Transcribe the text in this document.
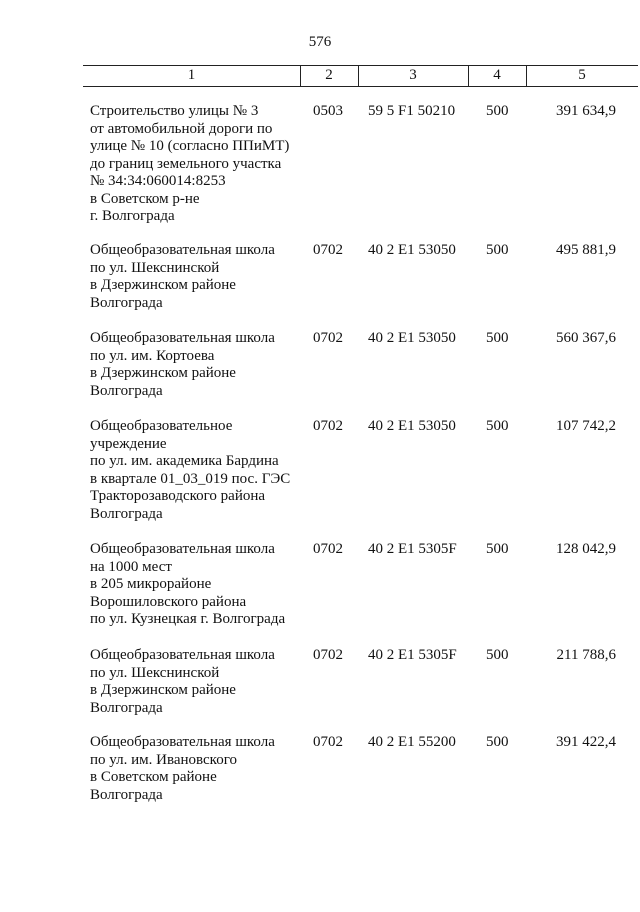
576
1	2	3	4	5
Строительство улицы № 3
от автомобильной дороги по
улице № 10 (согласно ППиМТ)
до границ земельного участка
№ 34:34:060014:8253
в Советском р-не
г. Волгограда
0503	59 5 F1 50210	500	391 634,9
Общеобразовательная школа
по ул. Шекснинской
в Дзержинском районе
Волгограда
0702	40 2 E1 53050	500	495 881,9
Общеобразовательная школа
по ул. им. Кортоева
в Дзержинском районе
Волгограда
0702	40 2 E1 53050	500	560 367,6
Общеобразовательное
учреждение
по ул. им. академика Бардина
в квартале 01_03_019 пос. ГЭС
Тракторозаводского района
Волгограда
0702	40 2 E1 53050	500	107 742,2
Общеобразовательная школа
на 1000 мест
в 205 микрорайоне
Ворошиловского района
по ул. Кузнецкая г. Волгограда
0702	40 2 E1 5305F	500	128 042,9
Общеобразовательная школа
по ул. Шекснинской
в Дзержинском районе
Волгограда
0702	40 2 E1 5305F	500	211 788,6
Общеобразовательная школа
по ул. им. Ивановского
в Советском районе
Волгограда
0702	40 2 E1 55200	500	391 422,4
